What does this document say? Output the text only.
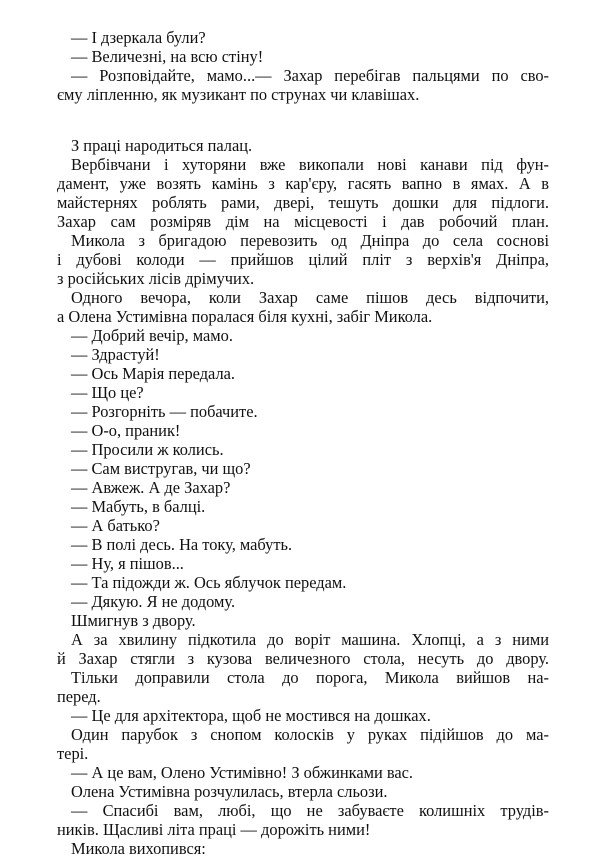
— І дзеркала були?
— Величезні, на всю стіну!
— Розповідайте, мамо...— Захар перебігав пальцями по сво-
єму ліпленню, як музикант по струнах чи клавішах.
З праці народиться палац.
Вербівчани і хуторяни вже викопали нові канави під фун-
дамент, уже возять камінь з кар'єру, гасять вапно в ямах. А в
майстернях роблять рами, двері, тешуть дошки для підлоги.
Захар сам розміряв дім на місцевості і дав робочий план.
Микола з бригадою перевозить од Дніпра до села соснові
і дубові колоди — прийшов цілий пліт з верхів'я Дніпра,
з російських лісів дрімучих.
Одного вечора, коли Захар саме пішов десь відпочити,
а Олена Устимівна поралася біля кухні, забіг Микола.
— Добрий вечір, мамо.
— Здрастуй!
— Ось Марія передала.
— Що це?
— Розгорніть — побачите.
— О-о, праник!
— Просили ж колись.
— Сам вистругав, чи що?
— Авжеж. А де Захар?
— Мабуть, в балці.
— А батько?
— В полі десь. На току, мабуть.
— Ну, я пішов...
— Та підожди ж. Ось яблучок передам.
— Дякую. Я не додому.
Шмигнув з двору.
А за хвилину підкотила до воріт машина. Хлопці, а з ними
й Захар стягли з кузова величезного стола, несуть до двору.
Тільки доправили стола до порога, Микола вийшов на-
перед.
— Це для архітектора, щоб не мостився на дошках.
Один парубок з снопом колосків у руках підійшов до ма-
тері.
— А це вам, Олено Устимівно! З обжинками вас.
Олена Устимівна розчулилась, втерла сльози.
— Спасибі вам, любі, що не забуваєте колишніх трудів-
ників. Щасливі літа праці — дорожіть ними!
Микола вихопився:
